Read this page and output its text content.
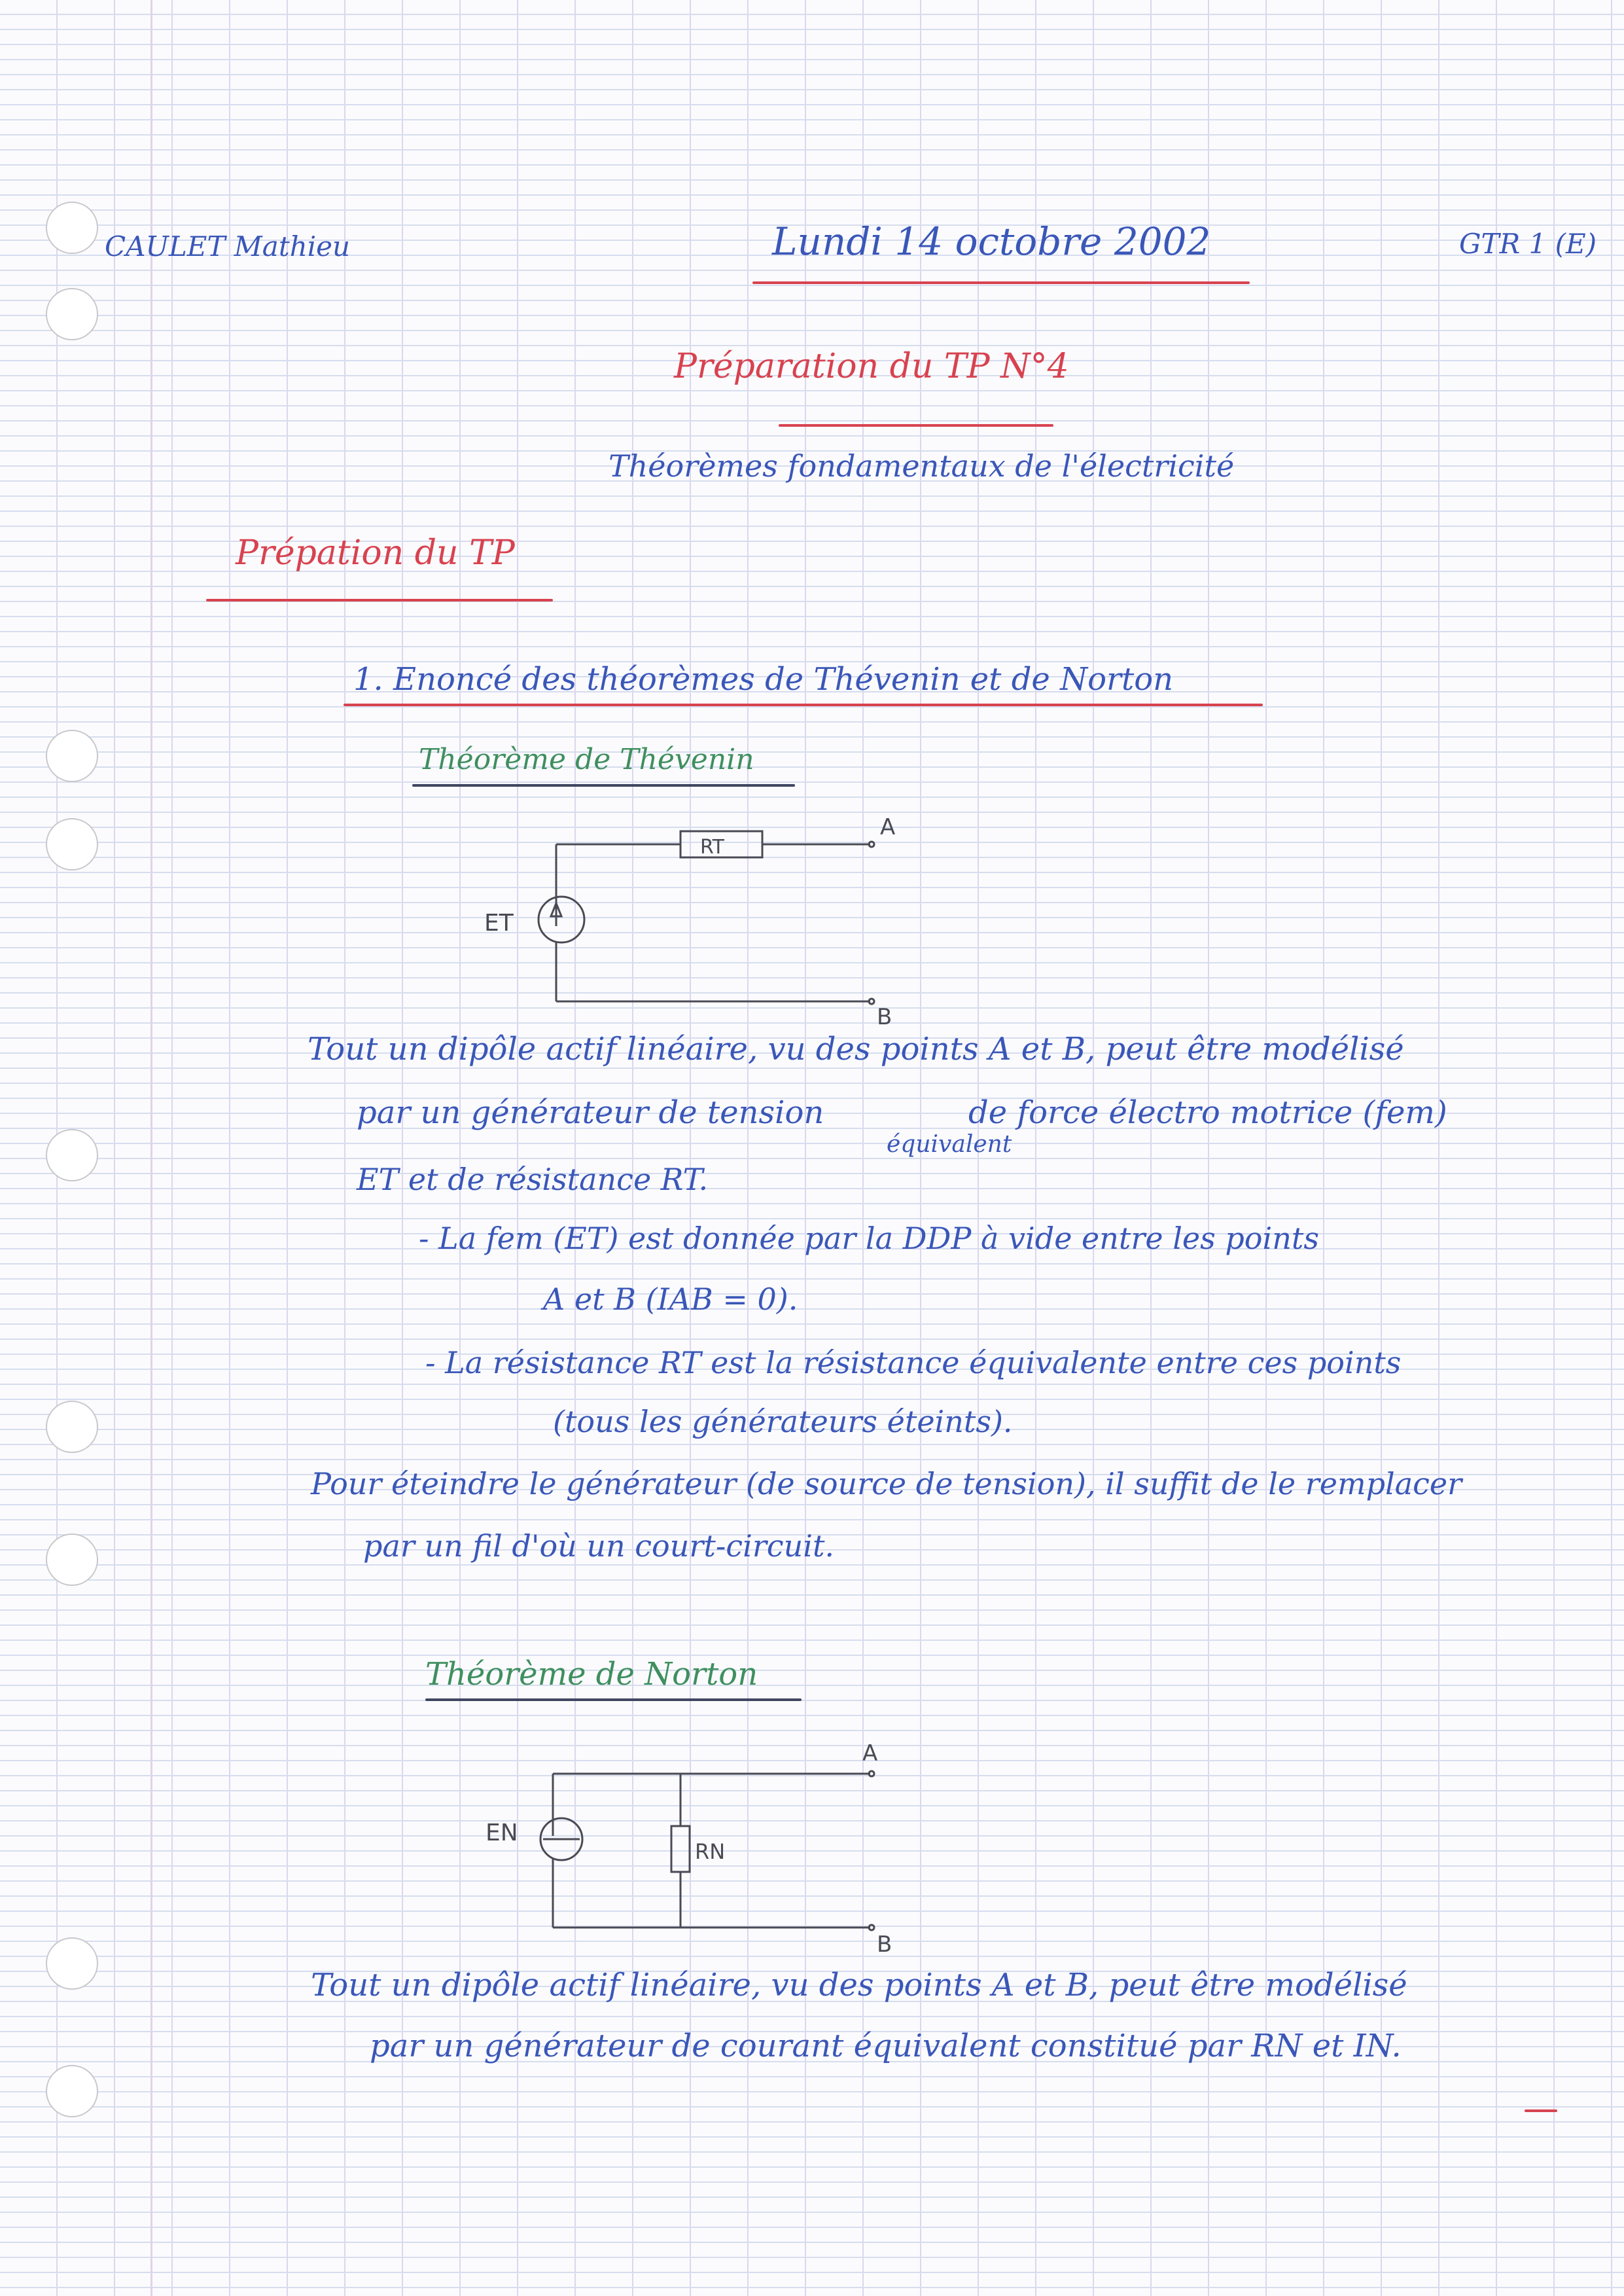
CAULET Mathieu	Lundi 14 octobre 2002	GTR 1 (E)
Préparation du TP N°4
Théorèmes fondamentaux de l'électricité
Prépation du TP
1. Enoncé des théorèmes de Thévenin et de Norton
Théorème de Thévenin
RT
ET
A
B
Tout un dipôle actif linéaire, vu des points A et B, peut être modélisé
par un générateur de tension	de force électro motrice (fem)
équivalent
ET et de résistance RT.
- La fem (ET) est donnée par la DDP à vide entre les points
A et B (IAB = 0).
- La résistance RT est la résistance équivalente entre ces points
(tous les générateurs éteints).
Pour éteindre le générateur (de source de tension), il suffit de le remplacer
par un fil d'où un court-circuit.
Théorème de Norton
EN
RN
A
B
Tout un dipôle actif linéaire, vu des points A et B, peut être modélisé
par un générateur de courant équivalent constitué par RN et IN.
